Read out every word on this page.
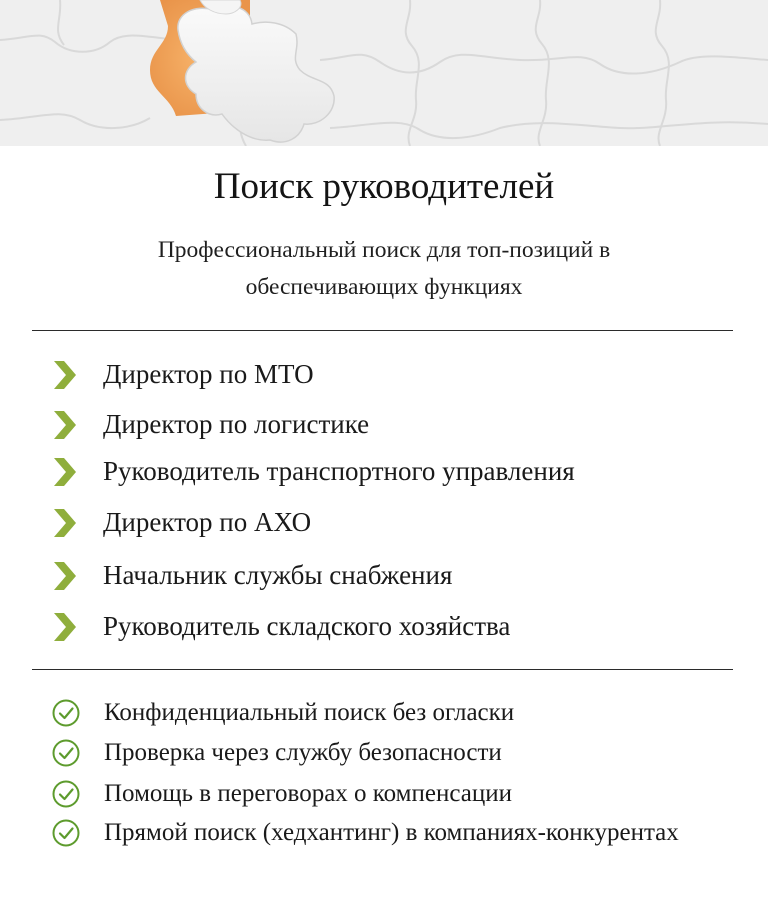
Поиск руководителей

Профессиональный поиск для топ-позиций в обеспечивающих функциях

Директор по МТО
Директор по логистике
Руководитель транспортного управления
Директор по АХО
Начальник службы снабжения
Руководитель складского хозяйства
Конфиденциальный поиск без огласки
Проверка через службу безопасности
Помощь в переговорах о компенсации
Прямой поиск (хедхантинг) в компаниях-конкурентах
